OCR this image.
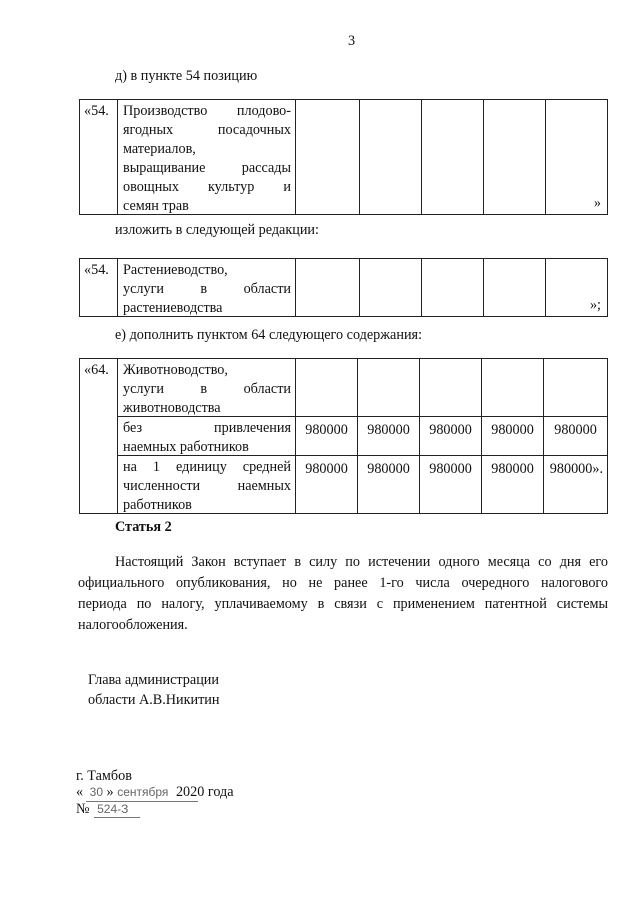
3
д) в пункте 54 позицию
«54.	Производство плодово-
ягодных посадочных
материалов,
выращивание рассады
овощных культур и
семян трав					»
изложить в следующей редакции:
«54.	Растениеводство,
услуги в области
растениеводства					»;
е) дополнить пунктом 64 следующего содержания:
«64.	Животноводство,
услуги в области
животноводства					

	без привлечения
наемных работников	980000	980000	980000	980000	980000

	на 1 единицу средней
численности наемных
работников	980000	980000	980000	980000	980000».
Статья 2
Настоящий Закон вступает в силу по истечении одного месяца со дня его
официального опубликования, но не ранее 1-го числа очередного налогового
периода по налогу, уплачиваемому в связи с применением патентной системы
налогообложения.
Глава администрации
области А.В.Никитин
г. Тамбов
« 30 » сентября 2020 года
№ 524-З
